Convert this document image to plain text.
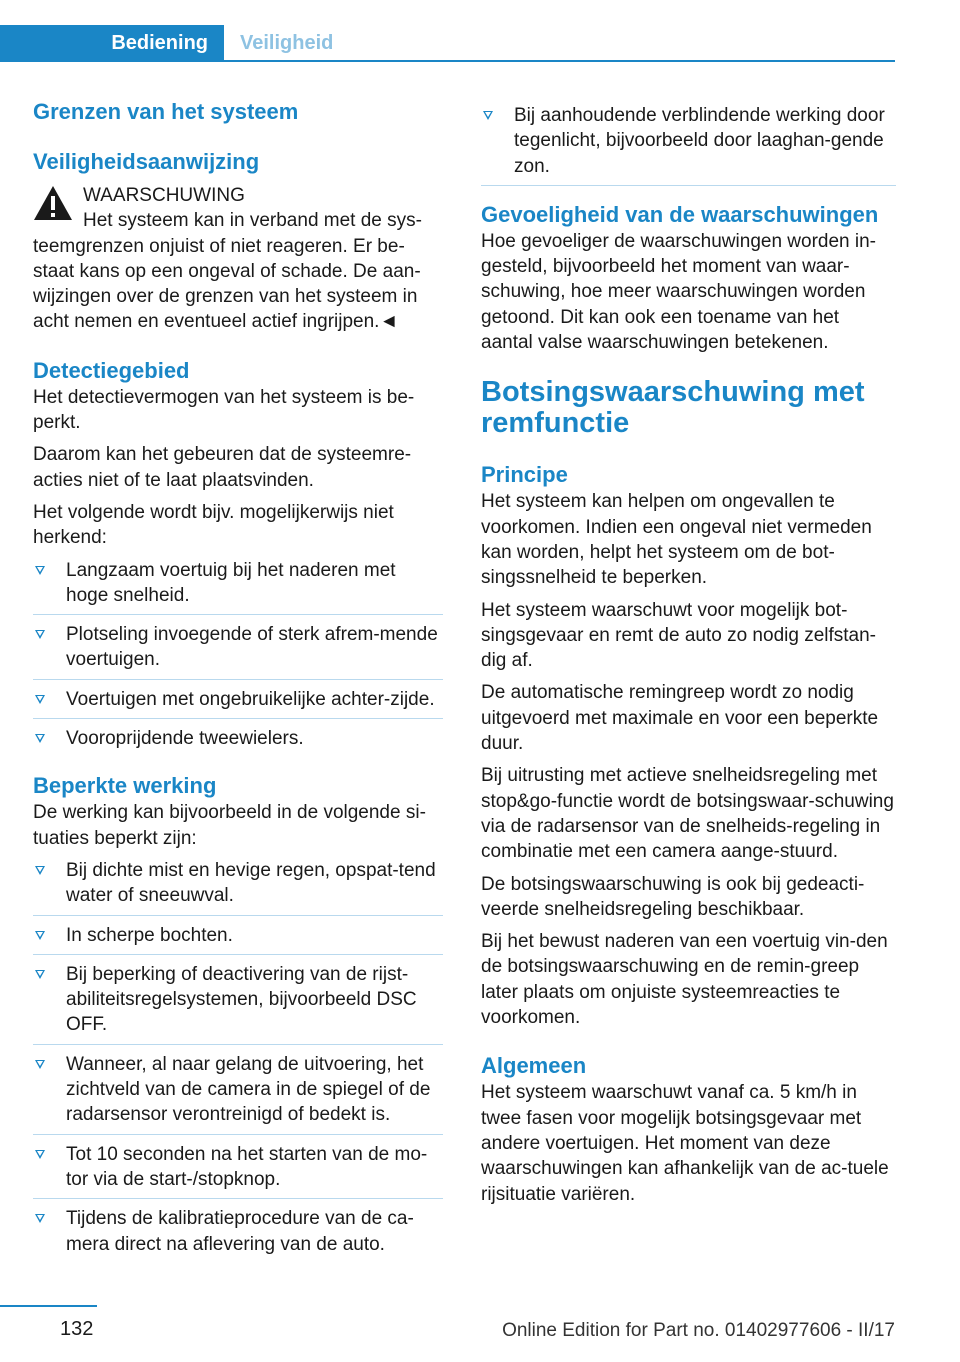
Bediening	Veiligheid
Grenzen van het systeem
Veiligheidsaanwijzing

WAARSCHUWING

Het systeem kan in verband met de sys-

teemgrenzen onjuist of niet reageren. Er be-staat kans op een ongeval of schade. De aan-wijzingen over de grenzen van het systeem in acht nemen en eventueel actief ingrijpen.◄

Detectiegebied

Het detectievermogen van het systeem is be-perkt.

Daarom kan het gebeuren dat de systeemre-acties niet of te laat plaatsvinden.

Het volgende wordt bijv. mogelijkerwijs niet herkend:

Langzaam voertuig bij het naderen met hoge snelheid.
Plotseling invoegende of sterk afrem-mende voertuigen.
Voertuigen met ongebruikelijke achter-zijde.
Vooroprijdende tweewielers.
Beperkte werking

De werking kan bijvoorbeeld in de volgende si-tuaties beperkt zijn:

Bij dichte mist en hevige regen, opspat-tend water of sneeuwval.
In scherpe bochten.
Bij beperking of deactivering van de rijst-abiliteitsregelsystemen, bijvoorbeeld DSC OFF.
Wanneer, al naar gelang de uitvoering, het zichtveld van de camera in de spiegel of de radarsensor verontreinigd of bedekt is.
Tot 10 seconden na het starten van de mo-tor via de start-/stopknop.
Tijdens de kalibratieprocedure van de ca-mera direct na aflevering van de auto.
Bij aanhoudende verblindende werking door tegenlicht, bijvoorbeeld door laaghan-gende zon.
Gevoeligheid van de waarschuwingen

Hoe gevoeliger de waarschuwingen worden in-gesteld, bijvoorbeeld het moment van waar-schuwing, hoe meer waarschuwingen worden getoond. Dit kan ook een toename van het aantal valse waarschuwingen betekenen.

Botsingswaarschuwing met remfunctie
Principe

Het systeem kan helpen om ongevallen te voorkomen. Indien een ongeval niet vermeden kan worden, helpt het systeem om de bot-singssnelheid te beperken.

Het systeem waarschuwt voor mogelijk bot-singsgevaar en remt de auto zo nodig zelfstan-dig af.

De automatische remingreep wordt zo nodig uitgevoerd met maximale en voor een beperkte duur.

Bij uitrusting met actieve snelheidsregeling met stop&go-functie wordt de botsingswaar-schuwing via de radarsensor van de snelheids-regeling in combinatie met een camera aange-stuurd.

De botsingswaarschuwing is ook bij gedeacti-veerde snelheidsregeling beschikbaar.

Bij het bewust naderen van een voertuig vin-den de botsingswaarschuwing en de remin-greep later plaats om onjuiste systeemreacties te voorkomen.

Algemeen

Het systeem waarschuwt vanaf ca. 5 km/h in twee fasen voor mogelijk botsingsgevaar met andere voertuigen. Het moment van deze waarschuwingen kan afhankelijk van de ac-tuele rijsituatie variëren.

132	Online Edition for Part no. 01402977606 - II/17
